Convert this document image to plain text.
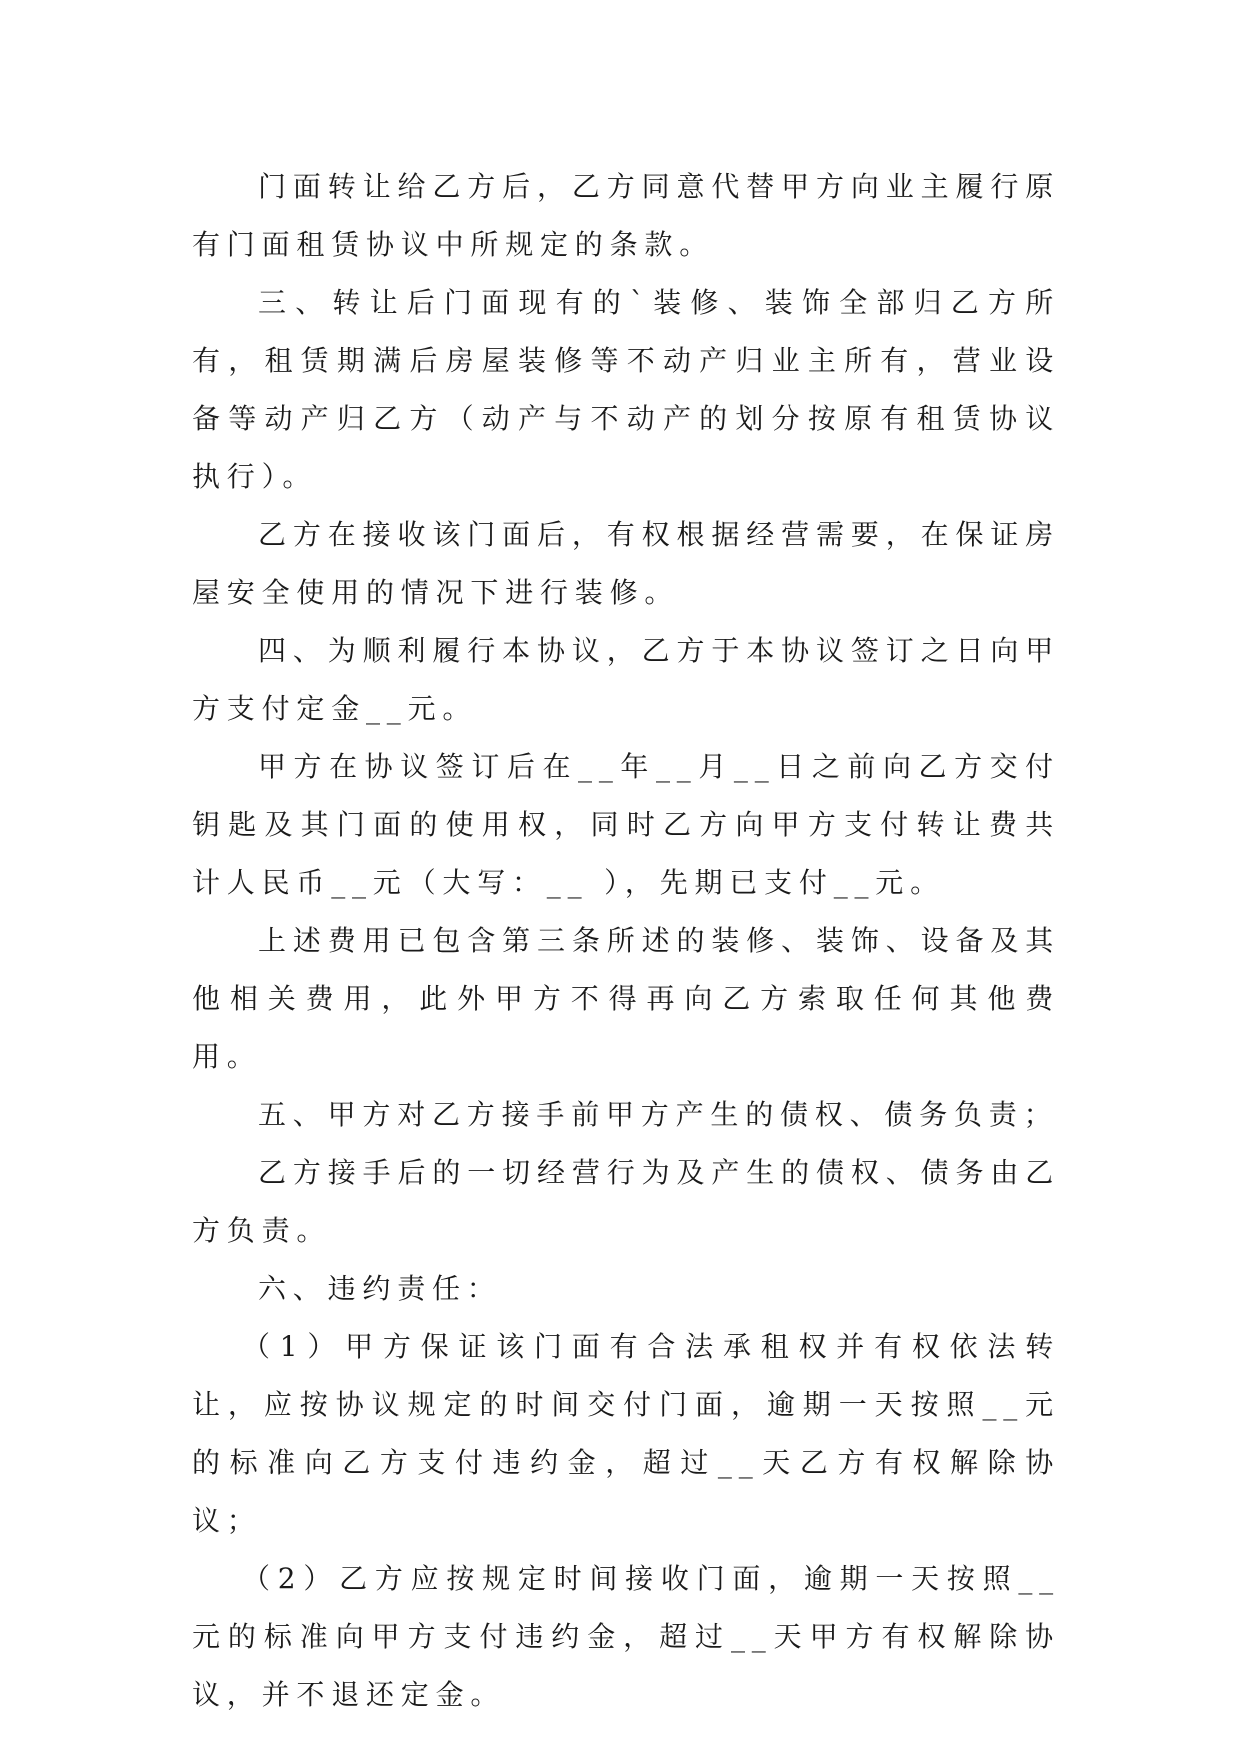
门面转让给乙方后，乙方同意代替甲方向业主履行原有门面租赁协议中所规定的条款。

三、转让后门面现有的`装修、装饰全部归乙方所有，租赁期满后房屋装修等不动产归业主所有，营业设备等动产归乙方（动产与不动产的划分按原有租赁协议执行）。

乙方在接收该门面后，有权根据经营需要，在保证房屋安全使用的情况下进行装修。

四、为顺利履行本协议，乙方于本协议签订之日向甲方支付定金__元。

甲方在协议签订后在__年__月__日之前向乙方交付钥匙及其门面的使用权，同时乙方向甲方支付转让费共计人民币__元（大写：__ ），先期已支付__元。

上述费用已包含第三条所述的装修、装饰、设备及其他相关费用，此外甲方不得再向乙方索取任何其他费用。

五、甲方对乙方接手前甲方产生的债权、债务负责；

乙方接手后的一切经营行为及产生的债权、债务由乙方负责。

六、违约责任：

（1）甲方保证该门面有合法承租权并有权依法转让，应按协议规定的时间交付门面，逾期一天按照__元的标准向乙方支付违约金，超过__天乙方有权解除协议；

（2）乙方应按规定时间接收门面，逾期一天按照__元的标准向甲方支付违约金，超过__天甲方有权解除协议，并不退还定金。
